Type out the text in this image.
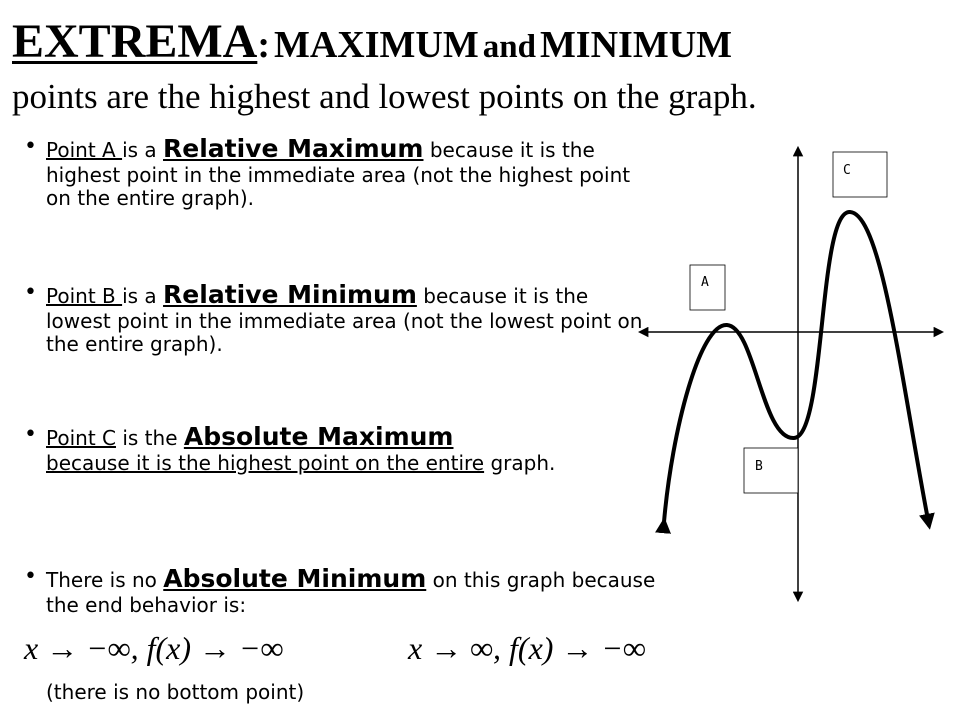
EXTREMA: MAXIMUM and MINIMUM
points are the highest and lowest points on the graph.

• Point A is a Relative Maximum because it is the highest point in the immediate area (not the highest point on the entire graph).

• Point B is a Relative Minimum because it is the lowest point in the immediate area (not the lowest point on the entire graph).

• Point C is the Absolute Maximum
because it is the highest point on the entire graph.

• There is no Absolute Minimum on this graph because the end behavior is:

x → −∞, f(x) → −∞	x → ∞, f(x) → −∞
(there is no bottom point)
A
B
C
